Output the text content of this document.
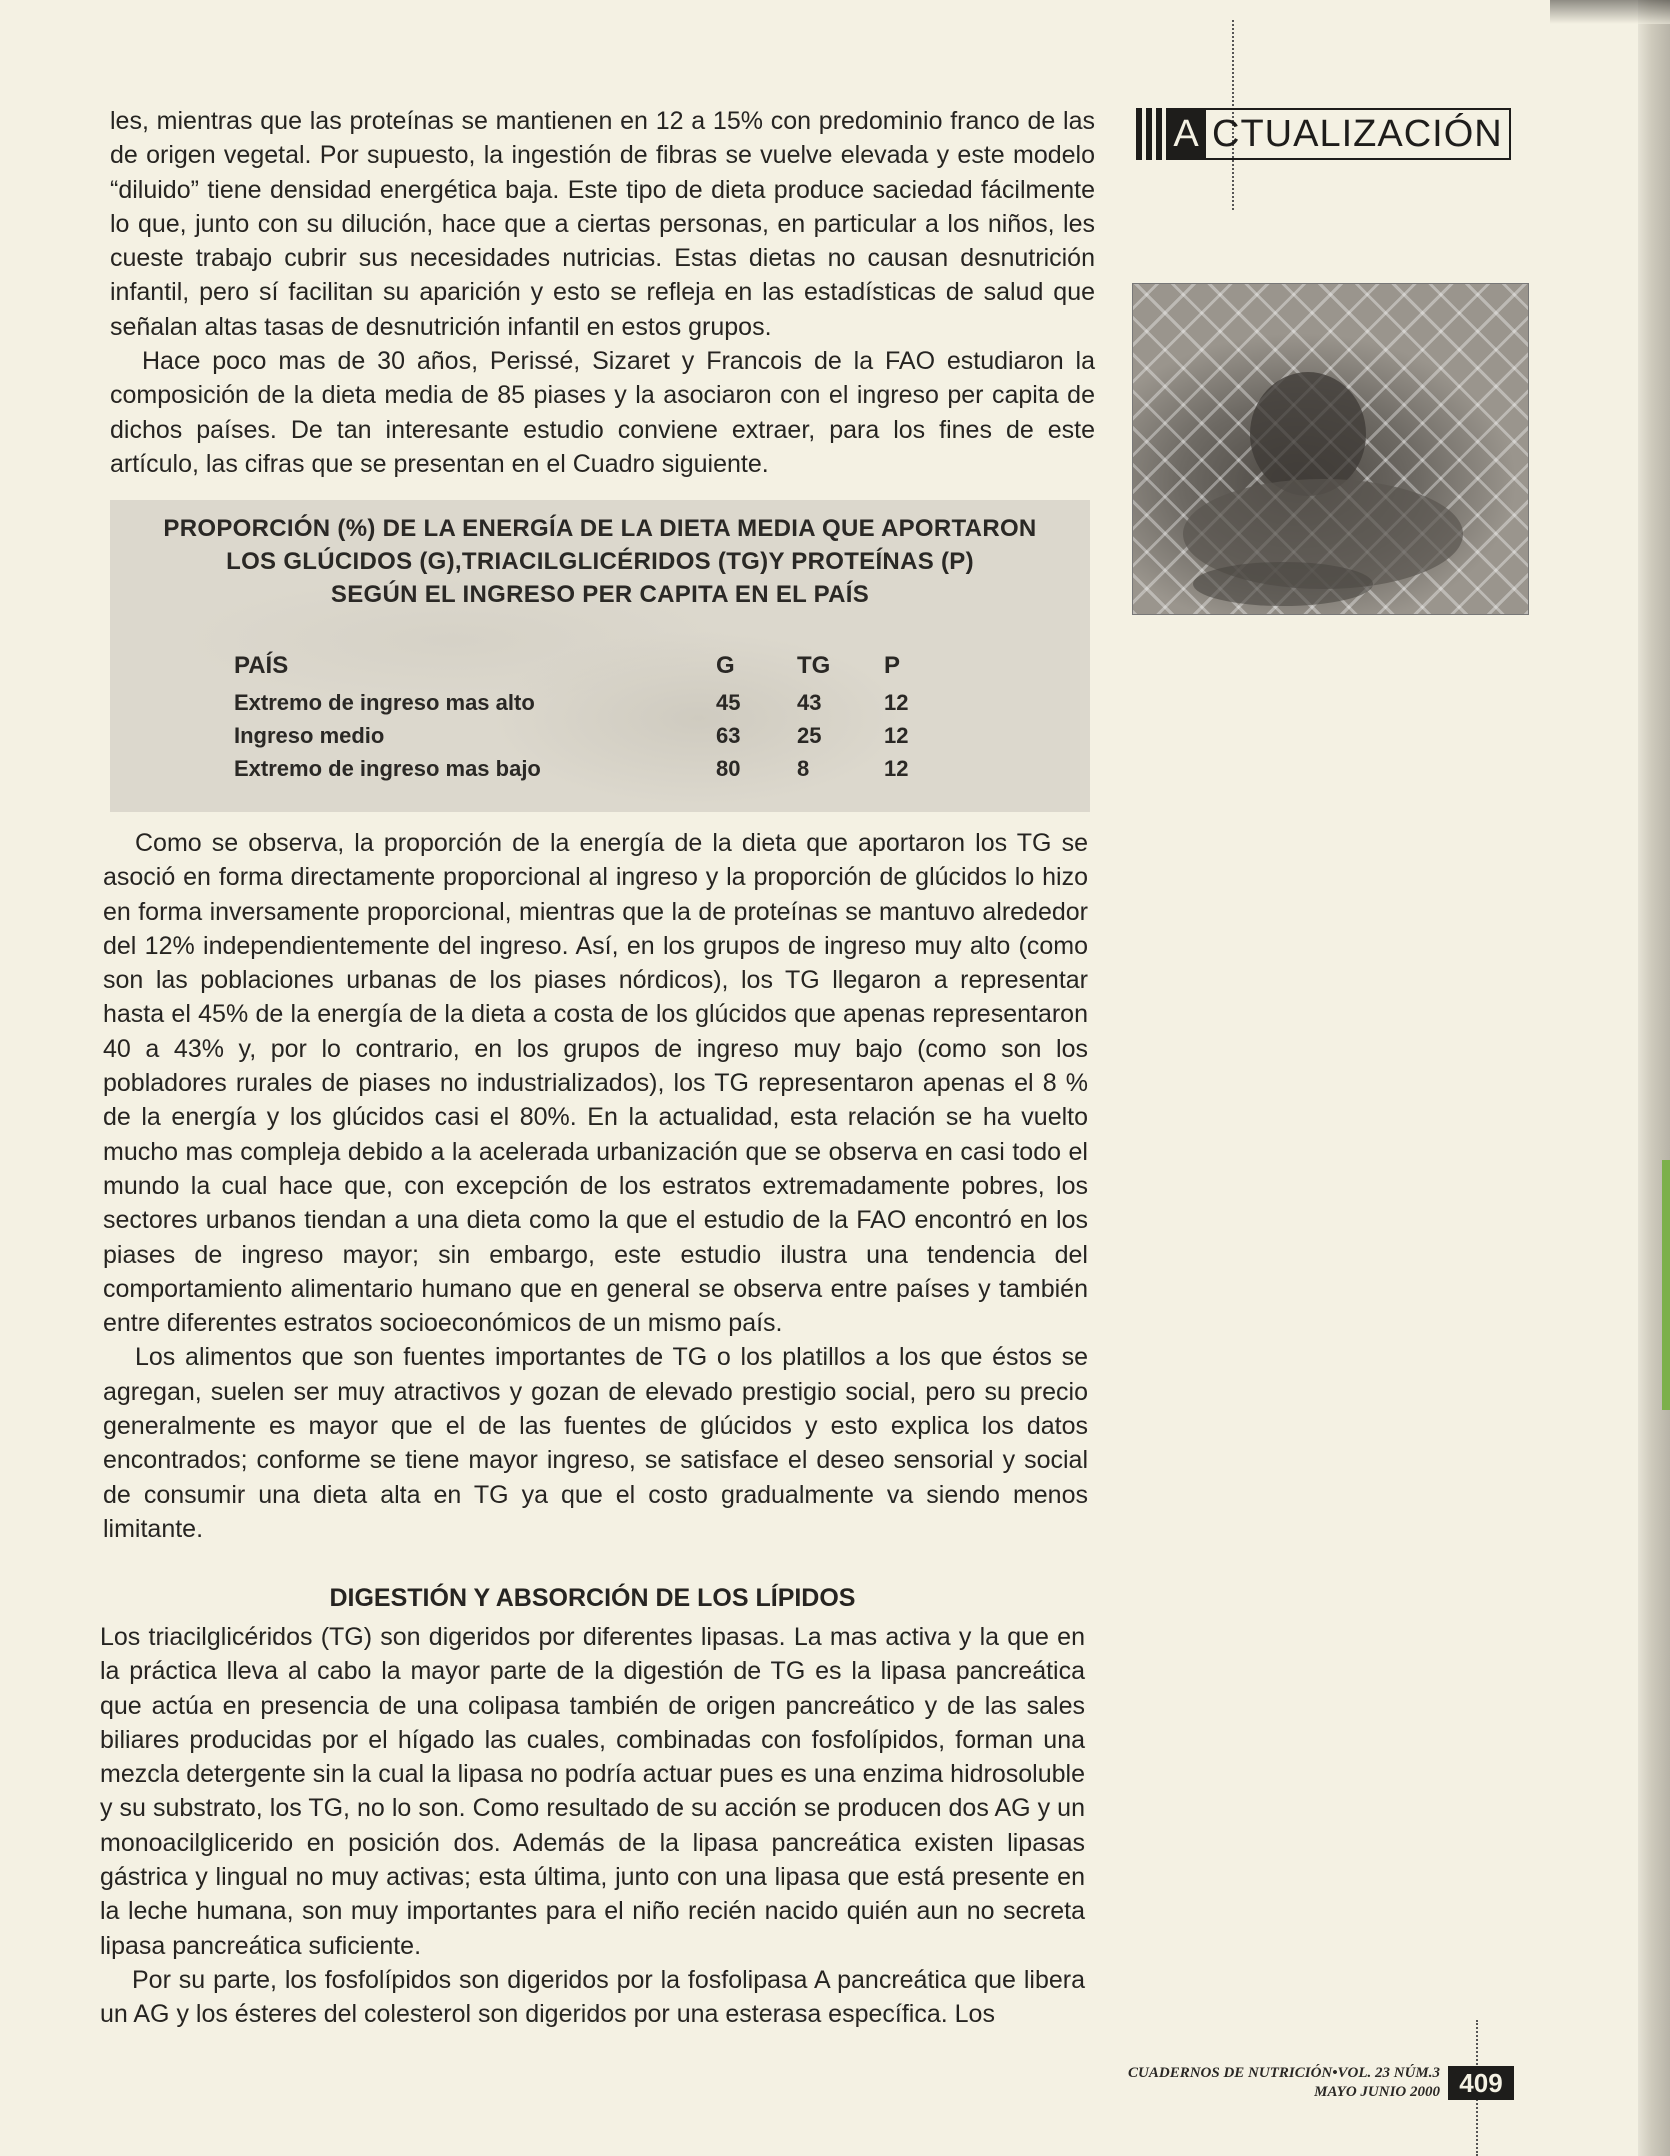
A CTUALIZACIÓN

les, mientras que las proteínas se mantienen en 12 a 15% con predominio franco de las de origen vegetal. Por supuesto, la ingestión de fibras se vuelve elevada y este modelo “diluido” tiene densidad energética baja. Este tipo de dieta produce saciedad fácilmente lo que, junto con su dilución, hace que a ciertas personas, en particular a los niños, les cueste trabajo cubrir sus necesidades nutricias. Estas dietas no causan desnutrición infantil, pero sí facilitan su aparición y esto se refleja en las estadísticas de salud que señalan altas tasas de desnutrición infantil en estos grupos.

Hace poco mas de 30 años, Perissé, Sizaret y Francois de la FAO estudiaron la composición de la dieta media de 85 piases y la asociaron con el ingreso per capita de dichos países. De tan interesante estudio conviene extraer, para los fines de este artículo, las cifras que se presentan en el Cuadro siguiente.

PROPORCIÓN (%) DE LA ENERGÍA DE LA DIETA MEDIA QUE APORTARON
LOS GLÚCIDOS (G),TRIACILGLICÉRIDOS (TG)Y PROTEÍNAS (P)
SEGÚN EL INGRESO PER CAPITA EN EL PAÍS
PAÍS	G	TG P
Extremo de ingreso mas alto	45	43	12
Ingreso medio	63	25	12
Extremo de ingreso mas bajo	80	8	12

Como se observa, la proporción de la energía de la dieta que aportaron los TG se asoció en forma directamente proporcional al ingreso y la proporción de glúcidos lo hizo en forma inversamente proporcional, mientras que la de proteínas se mantuvo alrededor del 12% independientemente del ingreso. Así, en los grupos de ingreso muy alto (como son las poblaciones urbanas de los piases nórdicos), los TG llegaron a representar hasta el 45% de la energía de la dieta a costa de los glúcidos que apenas representaron 40 a 43% y, por lo contrario, en los grupos de ingreso muy bajo (como son los pobladores rurales de piases no industrializados), los TG representaron apenas el 8 % de la energía y los glúcidos casi el 80%. En la actualidad, esta relación se ha vuelto mucho mas compleja debido a la acelerada urbanización que se observa en casi todo el mundo la cual hace que, con excepción de los estratos extremadamente pobres, los sectores urbanos tiendan a una dieta como la que el estudio de la FAO encontró en los piases de ingreso mayor; sin embargo, este estudio ilustra una tendencia del comportamiento alimentario humano que en general se observa entre países y también entre diferentes estratos socioeconómicos de un mismo país.

Los alimentos que son fuentes importantes de TG o los platillos a los que éstos se agregan, suelen ser muy atractivos y gozan de elevado prestigio social, pero su precio generalmente es mayor que el de las fuentes de glúcidos y esto explica los datos encontrados; conforme se tiene mayor ingreso, se satisface el deseo sensorial y social de consumir una dieta alta en TG ya que el costo gradualmente va siendo menos limitante.

DIGESTIÓN Y ABSORCIÓN DE LOS LÍPIDOS

Los triacilglicéridos (TG) son digeridos por diferentes lipasas. La mas activa y la que en la práctica lleva al cabo la mayor parte de la digestión de TG es la lipasa pancreática que actúa en presencia de una colipasa también de origen pancreático y de las sales biliares producidas por el hígado las cuales, combinadas con fosfolípidos, forman una mezcla detergente sin la cual la lipasa no podría actuar pues es una enzima hidrosoluble y su substrato, los TG, no lo son. Como resultado de su acción se producen dos AG y un monoacilglicerido en posición dos. Además de la lipasa pancreática existen lipasas gástrica y lingual no muy activas; esta última, junto con una lipasa que está presente en la leche humana, son muy importantes para el niño recién nacido quién aun no secreta lipasa pancreática suficiente.

Por su parte, los fosfolípidos son digeridos por la fosfolipasa A pancreática que libera un AG y los ésteres del colesterol son digeridos por una esterasa específica. Los

CUADERNOS DE NUTRICIÓN•VOL. 23 NÚM.3
MAYO JUNIO 2000 409
